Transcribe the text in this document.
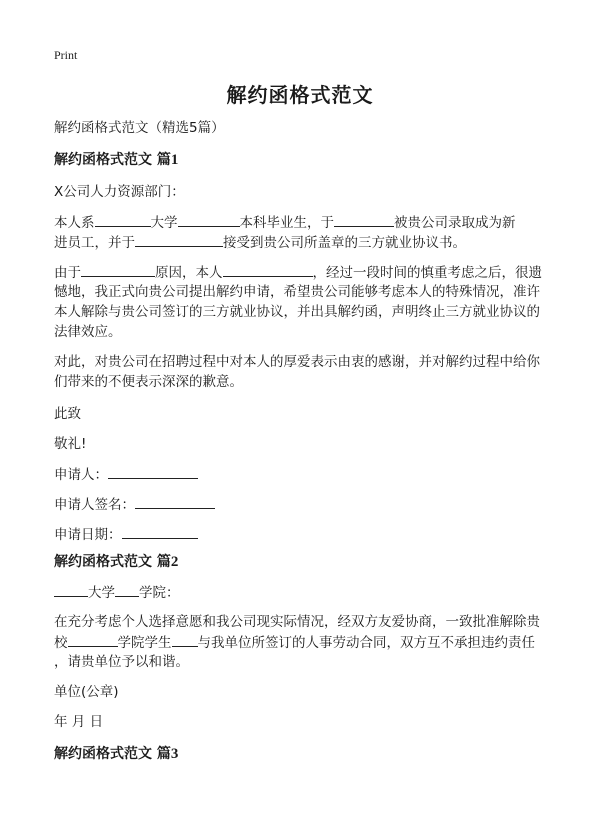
Print
解约函格式范文
解约函格式范文（精选5篇）
解约函格式范文 篇1
X公司人力资源部门：
本人系	大学	本科毕业生，于	被贵公司录取成为新
进员工，并于	接受到贵公司所盖章的三方就业协议书。
由于	原因，本人	，经过一段时间的慎重考虑之后，很遗
憾地，我正式向贵公司提出解约申请，希望贵公司能够考虑本人的特殊情况，准许
本人解除与贵公司签订的三方就业协议，并出具解约函，声明终止三方就业协议的
法律效应。
对此，对贵公司在招聘过程中对本人的厚爱表示由衷的感谢，并对解约过程中给你
们带来的不便表示深深的歉意。
此致
敬礼!
申请人：
申请人签名：
申请日期：
解约函格式范文 篇2
大学 学院：
在充分考虑个人选择意愿和我公司现实际情况，经双方友爱协商，一致批准解除贵
校	学院学生 与我单位所签订的人事劳动合同，双方互不承担违约责任
，请贵单位予以和谐。
单位(公章)
年 月 日
解约函格式范文 篇3
